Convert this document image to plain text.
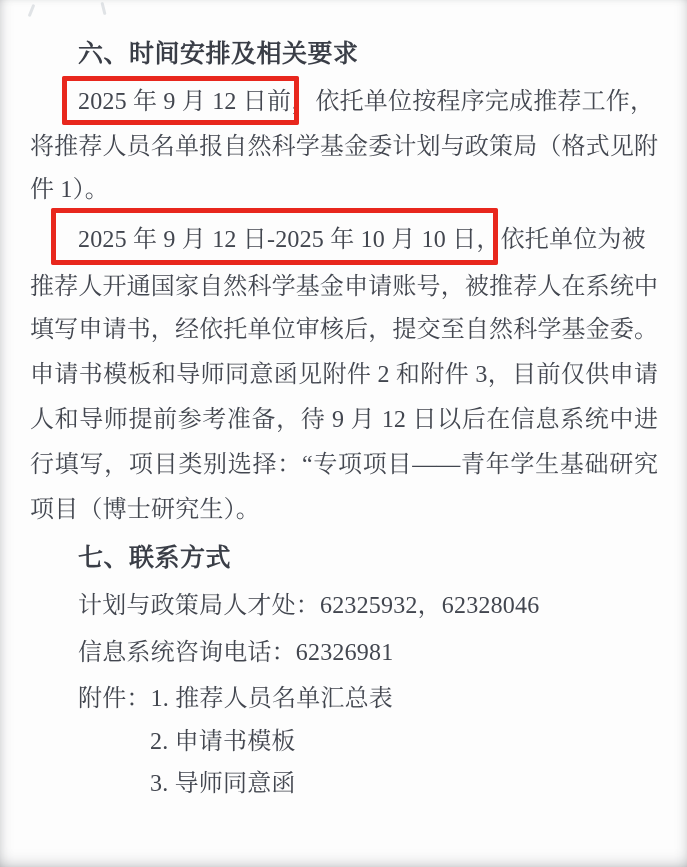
六、时间安排及相关要求
2025 年 9 月 12 日前，依托单位按程序完成推荐工作，
将推荐人员名单报自然科学基金委计划与政策局（格式见附
件 1）。
2025 年 9 月 12 日-2025 年 10 月 10 日，依托单位为被
推荐人开通国家自然科学基金申请账号，被推荐人在系统中
填写申请书，经依托单位审核后，提交至自然科学基金委。
申请书模板和导师同意函见附件 2 和附件 3，目前仅供申请
人和导师提前参考准备，待 9 月 12 日以后在信息系统中进
行填写，项目类别选择：“专项项目——青年学生基础研究
项目（博士研究生）。
七、联系方式
计划与政策局人才处：62325932，62328046
信息系统咨询电话：62326981
附件：1. 推荐人员名单汇总表
2. 申请书模板
3. 导师同意函
